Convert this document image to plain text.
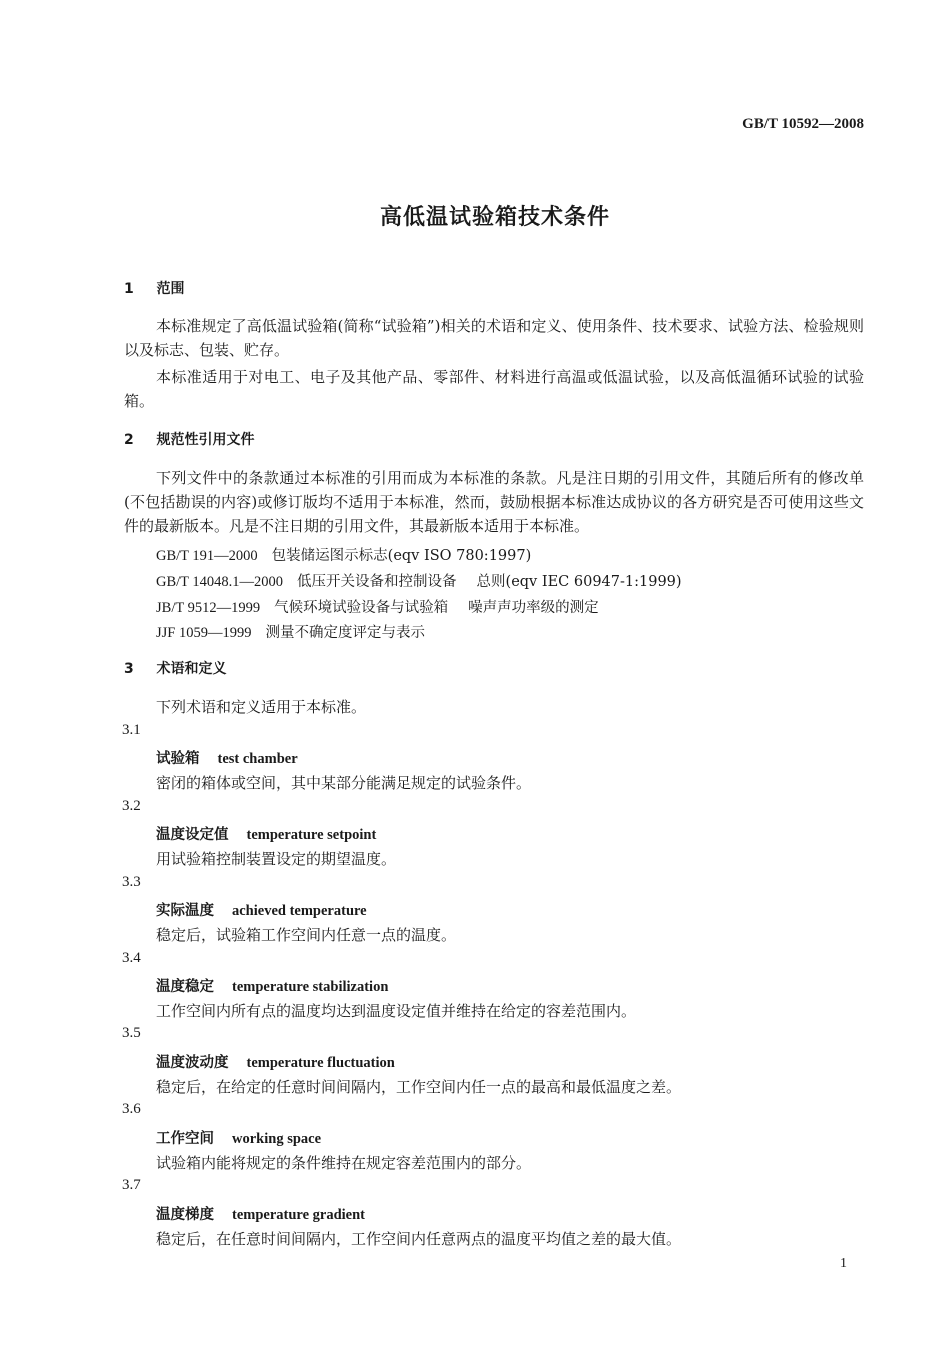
GB/T 10592—2008
高低温试验箱技术条件
1 范围
本标准规定了高低温试验箱(简称“试验箱”)相关的术语和定义、使用条件、技术要求、试验方法、检验规则以及标志、包装、贮存。
本标准适用于对电工、电子及其他产品、零部件、材料进行高温或低温试验，以及高低温循环试验的试验箱。
2 规范性引用文件
下列文件中的条款通过本标准的引用而成为本标准的条款。凡是注日期的引用文件，其随后所有的修改单(不包括勘误的内容)或修订版均不适用于本标准，然而，鼓励根据本标准达成协议的各方研究是否可使用这些文件的最新版本。凡是不注日期的引用文件，其最新版本适用于本标准。
GB/T 191—2000 包装储运图示标志(eqv ISO 780:1997)
GB/T 14048.1—2000 低压开关设备和控制设备 总则(eqv IEC 60947-1:1999)
JB/T 9512—1999 气候环境试验设备与试验箱 噪声声功率级的测定
JJF 1059—1999 测量不确定度评定与表示
3 术语和定义
下列术语和定义适用于本标准。
3.1
试验箱 test chamber
密闭的箱体或空间，其中某部分能满足规定的试验条件。
3.2
温度设定值 temperature setpoint
用试验箱控制装置设定的期望温度。
3.3
实际温度 achieved temperature
稳定后，试验箱工作空间内任意一点的温度。
3.4
温度稳定 temperature stabilization
工作空间内所有点的温度均达到温度设定值并维持在给定的容差范围内。
3.5
温度波动度 temperature fluctuation
稳定后，在给定的任意时间间隔内，工作空间内任一点的最高和最低温度之差。
3.6
工作空间 working space
试验箱内能将规定的条件维持在规定容差范围内的部分。
3.7
温度梯度 temperature gradient
稳定后，在任意时间间隔内，工作空间内任意两点的温度平均值之差的最大值。
1
